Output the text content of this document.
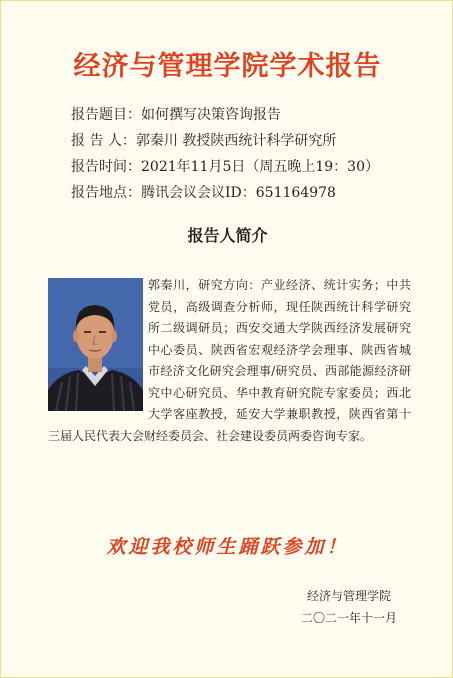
经济与管理学院学术报告
报告题目：如何撰写决策咨询报告
报 告 人：郭秦川 教授陕西统计科学研究所
报告时间：2021年11月5日（周五晚上19：30）
报告地点：腾讯会议会议ID：651164978
报告人简介
郭秦川，研究方向：产业经济、统计实务；中共党员，高级调查分析师，现任陕西统计科学研究所二级调研员；西安交通大学陕西经济发展研究中心委员、陕西省宏观经济学会理事、陕西省城市经济文化研究会理事/研究员、西部能源经济研究中心研究员、华中教育研究院专家委员；西北大学客座教授，延安大学兼职教授，陕西省第十三届人民代表大会财经委员会、社会建设委员两委咨询专家。
欢迎我校师生踊跃参加！
经济与管理学院
二〇二一年十一月
